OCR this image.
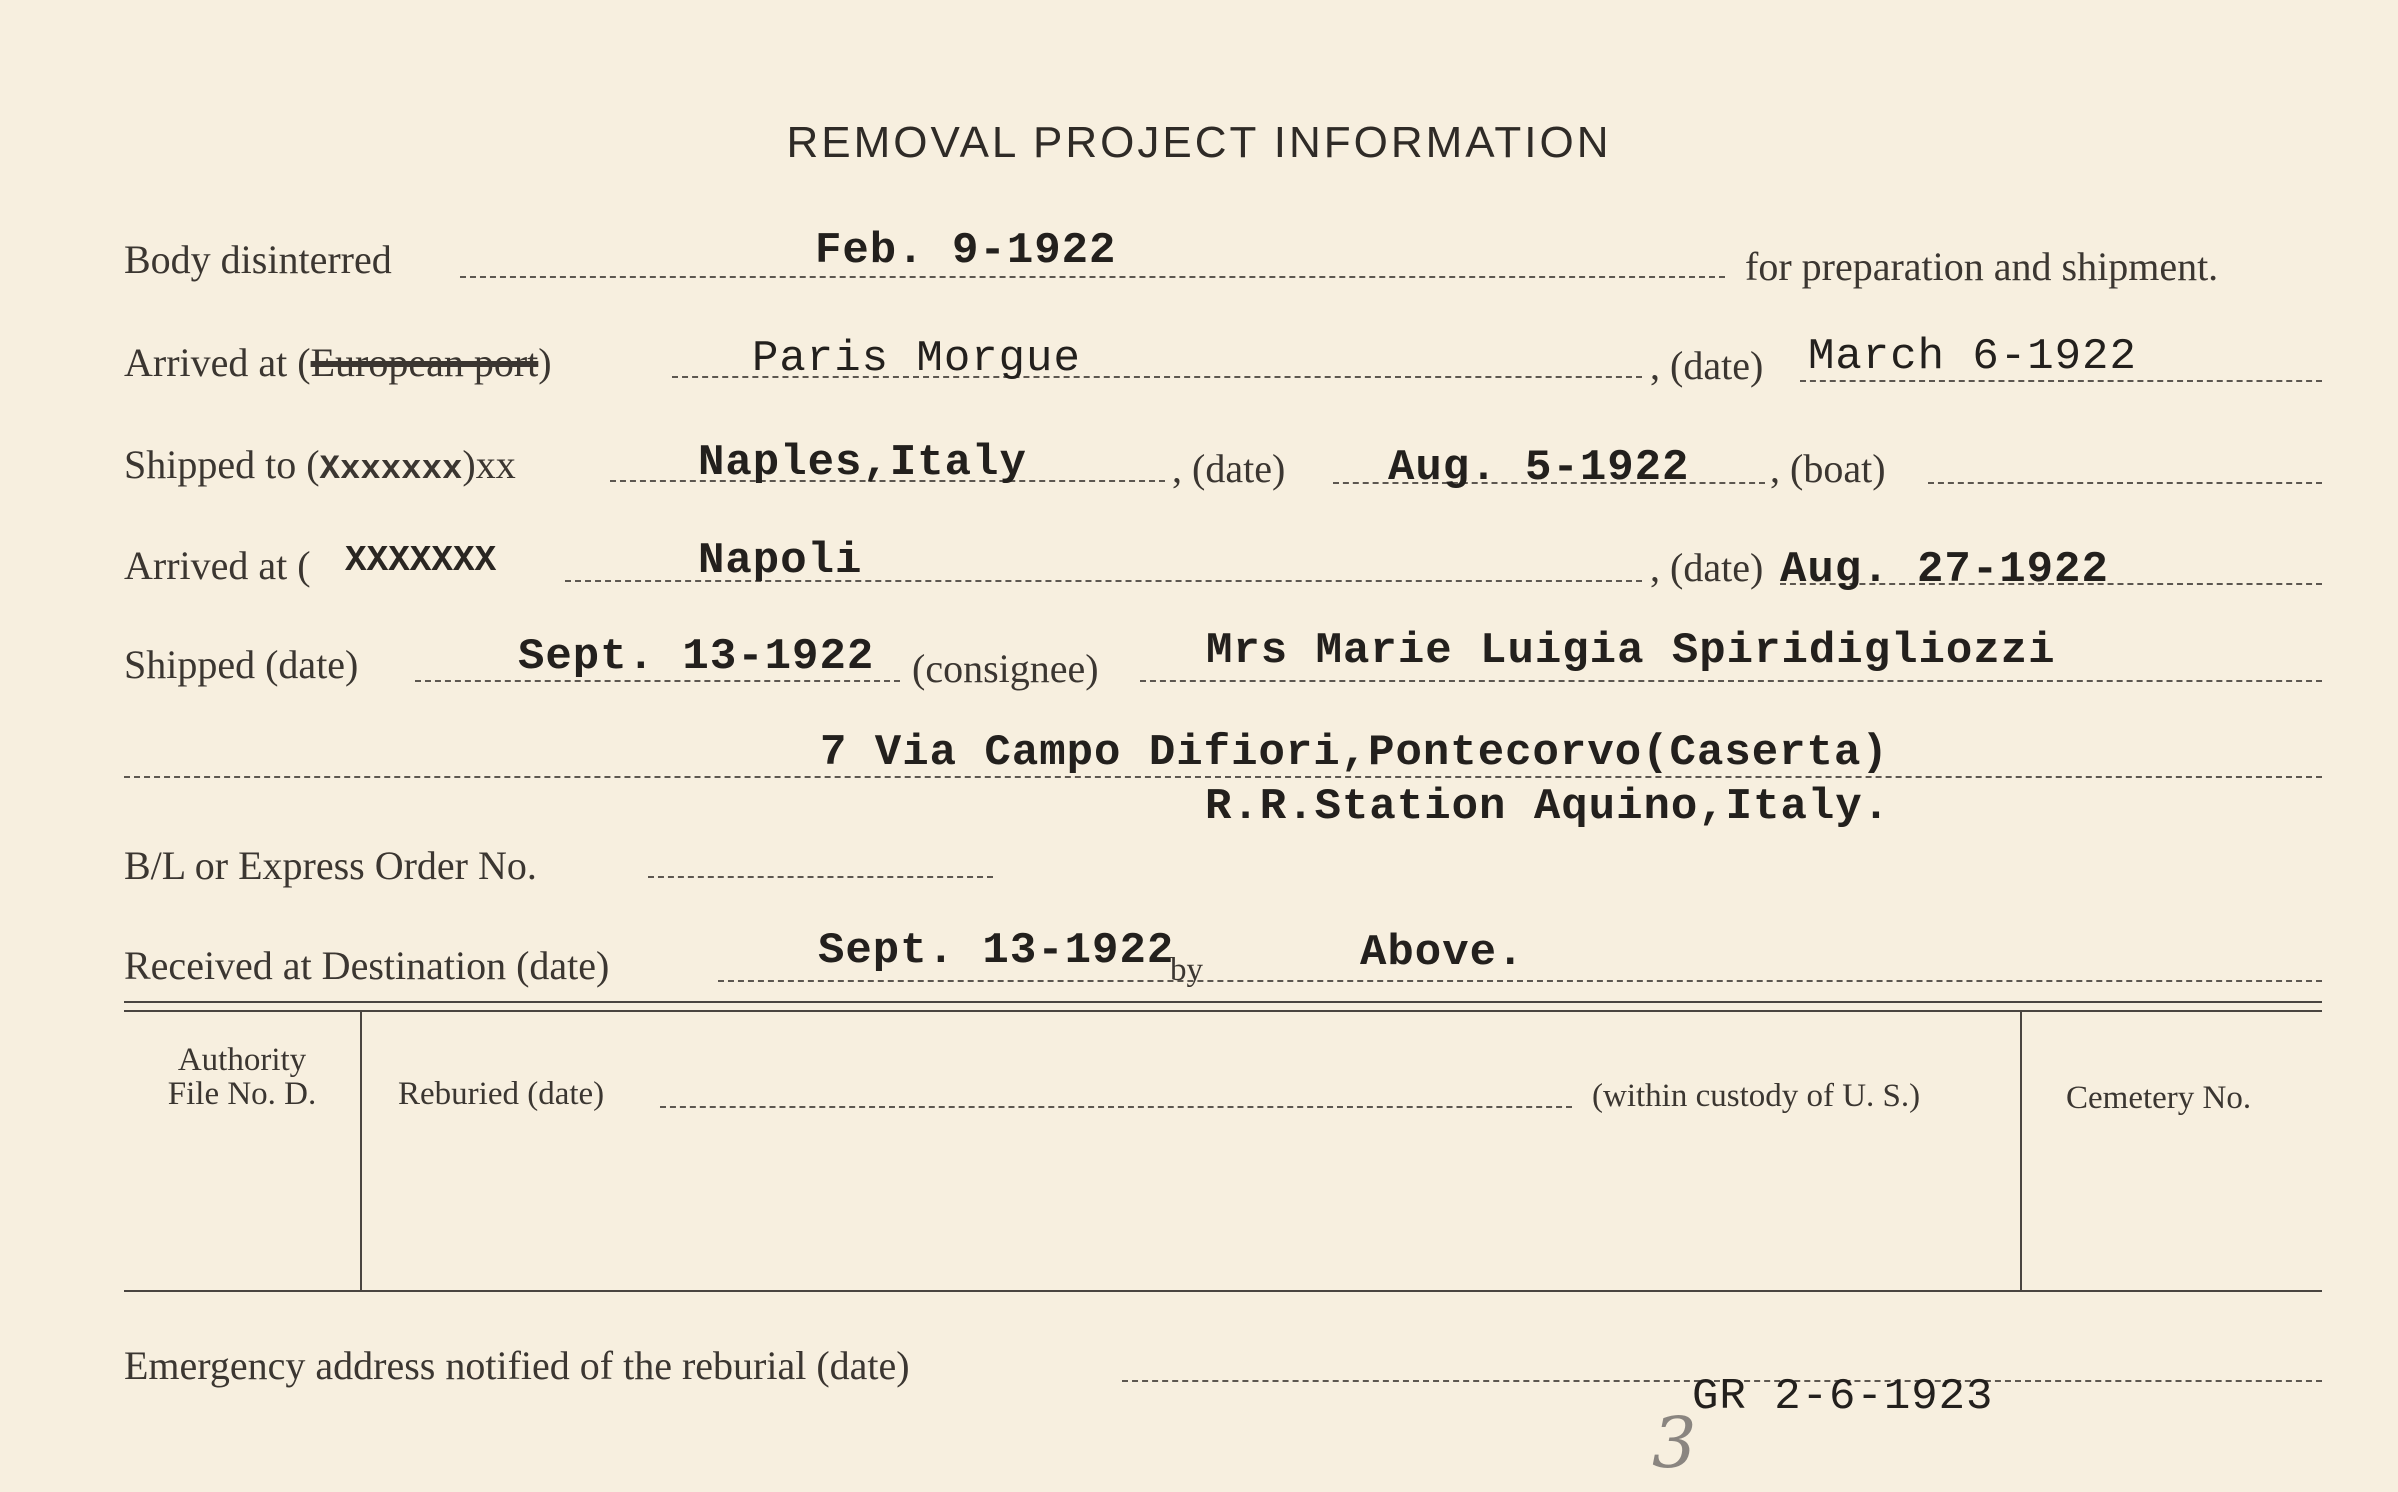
REMOVAL PROJECT INFORMATION
Body disinterred	Feb. 9-1922	for preparation and shipment.
Arrived at (European port)	Paris Morgue	, (date) March 6-1922
Shipped to (Xxxxxxx)xx	Naples,Italy	, (date) Aug. 5-1922 , (boat)
Arrived at ( XXXXXXX	Napoli	, (date) Aug. 27-1922
Shipped (date)	Sept. 13-1922 (consignee) Mrs Marie Luigia Spiridigliozzi
7 Via Campo Difiori,Pontecorvo(Caserta)
R.R.Station Aquino,Italy.
B/L or Express Order No.
Received at Destination (date)	Sept. 13-1922
by	Above.
Authority
File No. D.	Reburied (date)	(within custody of U. S.)	Cemetery No.
Emergency address notified of the reburial (date)
GR 2-6-1923
3
